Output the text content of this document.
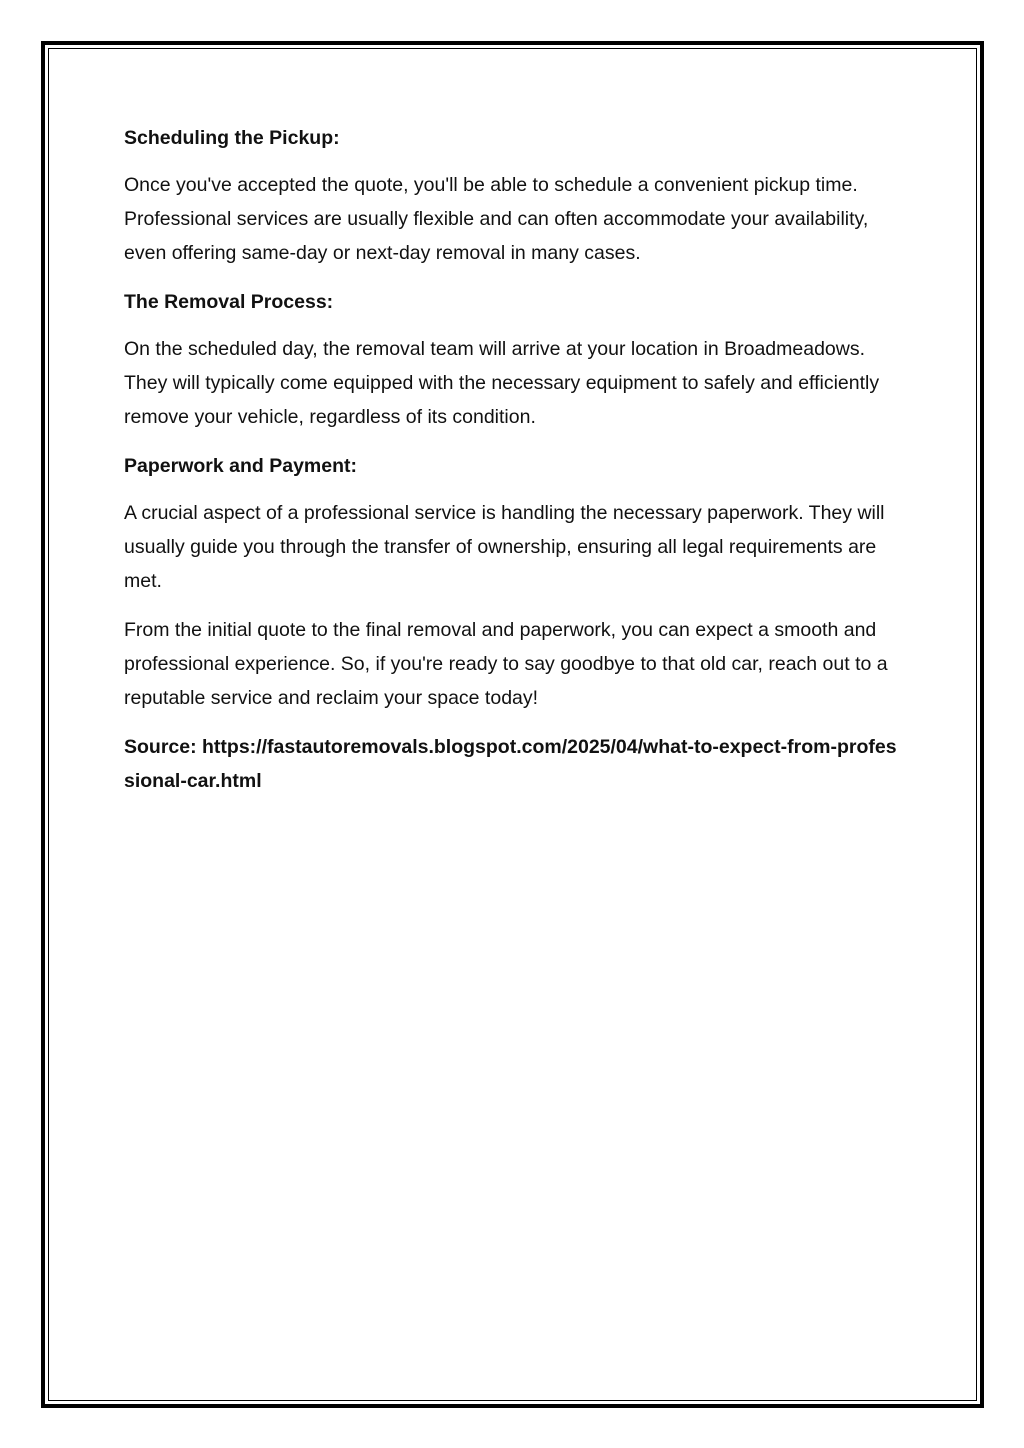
Scheduling the Pickup:

Once you've accepted the quote, you'll be able to schedule a convenient pickup time. Professional services are usually flexible and can often accommodate your availability, even offering same-day or next-day removal in many cases.

The Removal Process:

On the scheduled day, the removal team will arrive at your location in Broadmeadows. They will typically come equipped with the necessary equipment to safely and efficiently remove your vehicle, regardless of its condition.

Paperwork and Payment:

A crucial aspect of a professional service is handling the necessary paperwork. They will usually guide you through the transfer of ownership, ensuring all legal requirements are met.

From the initial quote to the final removal and paperwork, you can expect a smooth and professional experience. So, if you're ready to say goodbye to that old car, reach out to a reputable service and reclaim your space today!

Source: https://fastautoremovals.blogspot.com/2025/04/what-to-expect-from-professional-car.html
